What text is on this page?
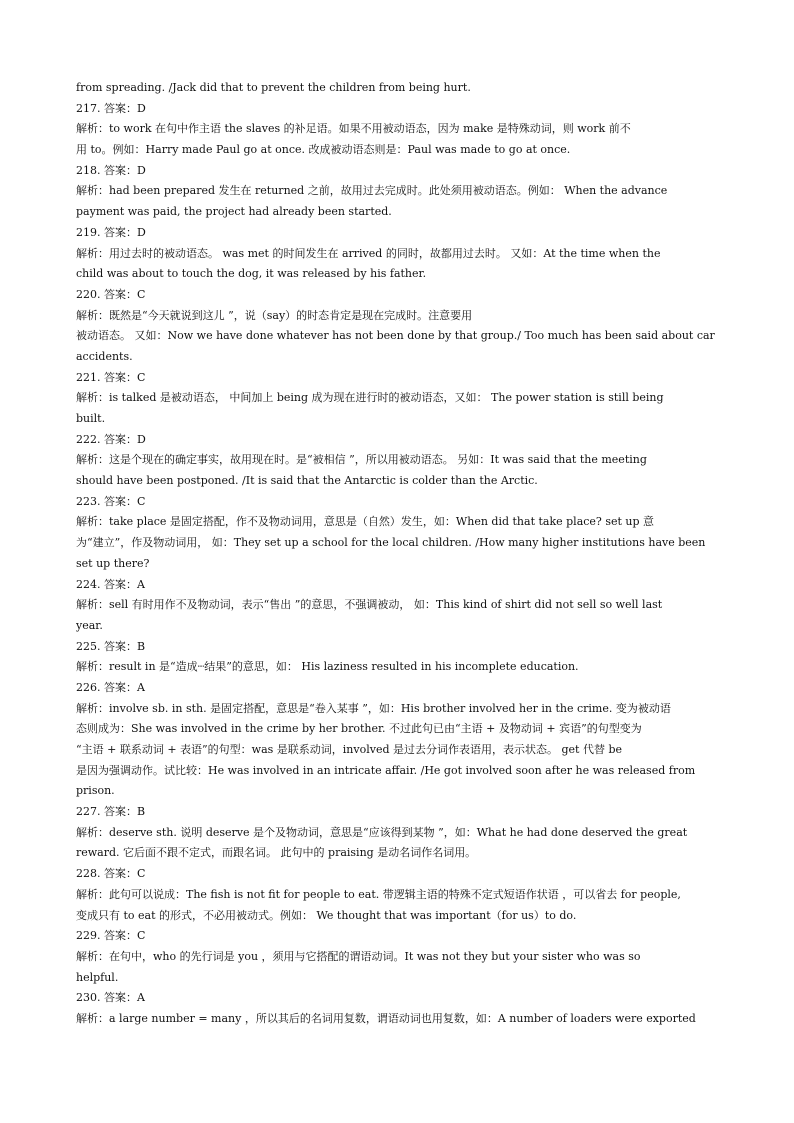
from spreading. /Jack did that to prevent the children from being hurt.
217. 答案：D
解析：to work 在句中作主语 the slaves 的补足语。如果不用被动语态，因为 make 是特殊动词，则 work 前不
用 to。例如：Harry made Paul go at once. 改成被动语态则是：Paul was made to go at once.
218. 答案：D
解析：had been prepared 发生在 returned 之前，故用过去完成时。此处须用被动语态。例如： When the advance
payment was paid, the project had already been started.
219. 答案：D
解析：用过去时的被动语态。 was met 的时间发生在 arrived 的同时，故都用过去时。 又如：At the time when the
child was about to touch the dog, it was released by his father.
220. 答案：C
解析：既然是“今天就说到这儿 ”，说（say）的时态肯定是现在完成时。注意要用
被动语态。 又如：Now we have done whatever has not been done by that group./ Too much has been said about car
accidents.
221. 答案：C
解析：is talked 是被动语态， 中间加上 being 成为现在进行时的被动语态，又如： The power station is still being
built.
222. 答案：D
解析：这是个现在的确定事实，故用现在时。是“被相信 ”，所以用被动语态。 另如：It was said that the meeting
should have been postponed. /It is said that the Antarctic is colder than the Arctic.
223. 答案：C
解析：take place 是固定搭配，作不及物动词用，意思是（自然）发生，如：When did that take place? set up 意
为“建立”，作及物动词用， 如：They set up a school for the local children. /How many higher institutions have been
set up there?
224. 答案：A
解析：sell 有时用作不及物动词，表示“售出 ”的意思，不强调被动， 如：This kind of shirt did not sell so well last
year.
225. 答案：B
解析：result in 是“造成┈结果”的意思，如： His laziness resulted in his incomplete education.
226. 答案：A
解析：involve sb. in sth. 是固定搭配，意思是“卷入某事 ”，如：His brother involved her in the crime. 变为被动语
态则成为：She was involved in the crime by her brother. 不过此句已由“主语 + 及物动词 + 宾语”的句型变为
“主语 + 联系动词 + 表语”的句型：was 是联系动词，involved 是过去分词作表语用，表示状态。 get 代替 be
是因为强调动作。试比较：He was involved in an intricate affair. /He got involved soon after he was released from
prison.
227. 答案：B
解析：deserve sth. 说明 deserve 是个及物动词，意思是“应该得到某物 ”，如：What he had done deserved the great
reward. 它后面不跟不定式，而跟名词。 此句中的 praising 是动名词作名词用。
228. 答案：C
解析：此句可以说成：The fish is not fit for people to eat. 带逻辑主语的特殊不定式短语作状语 ，可以省去 for people,
变成只有 to eat 的形式，不必用被动式。例如： We thought that was important（for us）to do.
229. 答案：C
解析：在句中，who 的先行词是 you ，须用与它搭配的谓语动词。It was not they but your sister who was so
helpful.
230. 答案：A
解析：a large number = many ，所以其后的名词用复数，谓语动词也用复数，如：A number of loaders were exported
